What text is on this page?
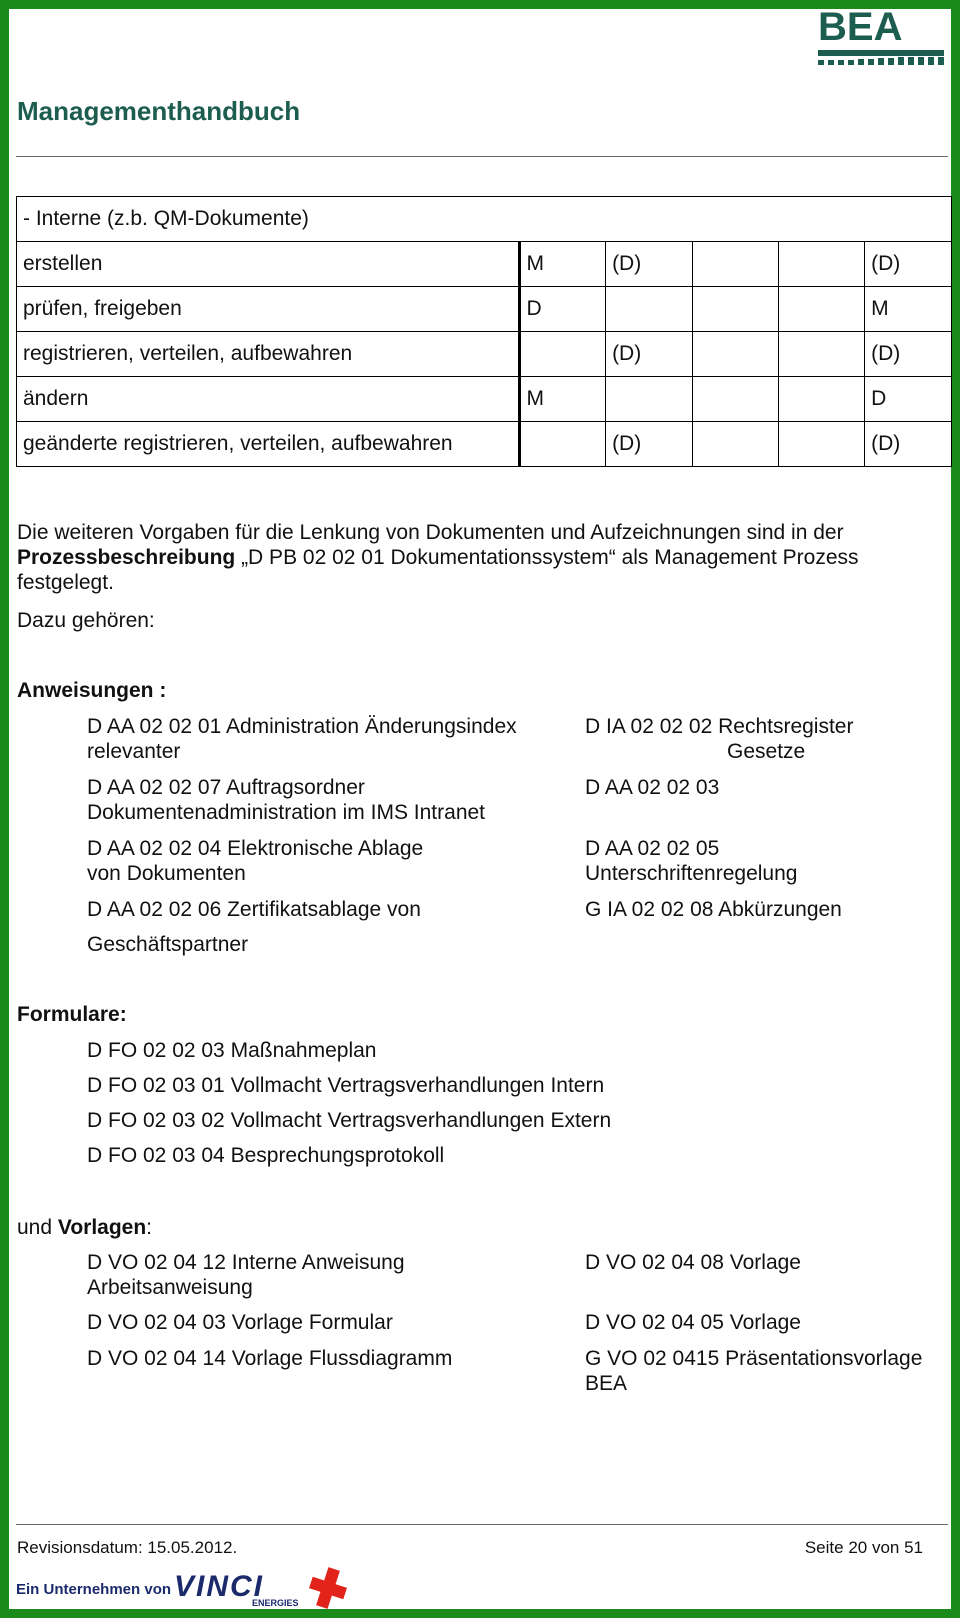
BEA
Managementhandbuch
- Interne (z.b. QM-Dokumente)					
erstellen	M	(D)			(D)
prüfen, freigeben	D				M
registrieren, verteilen, aufbewahren		(D)			(D)
ändern	M				D
geänderte registrieren, verteilen, aufbewahren		(D)			(D)
Die weiteren Vorgaben für die Lenkung von Dokumenten und Aufzeichnungen sind in der
Prozessbeschreibung „D PB 02 02 01 Dokumentationssystem“ als Management Prozess
festgelegt.
Dazu gehören:
Anweisungen :
D AA 02 02 01 Administration Änderungsindex relevanter
D AA 02 02 07 Auftragsordner Dokumentenadministration im IMS Intranet
D AA 02 02 04 Elektronische Ablage von Dokumenten
D AA 02 02 06 Zertifikatsablage von
Geschäftspartner
D IA 02 02 02 Rechtsregister
Gesetze
D AA 02 02 03
D AA 02 02 05 Unterschriftenregelung
G IA 02 02 08 Abkürzungen
Formulare:
D FO 02 02 03 Maßnahmeplan
D FO 02 03 01 Vollmacht Vertragsverhandlungen Intern
D FO 02 03 02 Vollmacht Vertragsverhandlungen Extern
D FO 02 03 04 Besprechungsprotokoll
und Vorlagen:
D VO 02 04 12 Interne Anweisung Arbeitsanweisung
D VO 02 04 03 Vorlage Formular
D VO 02 04 14 Vorlage Flussdiagramm
D VO 02 04 08 Vorlage
D VO 02 04 05 Vorlage
G VO 02 0415 Präsentationsvorlage BEA
Revisionsdatum: 15.05.2012.	Seite 20 von 51
Ein Unternehmen von VINCI
ENERGIES
